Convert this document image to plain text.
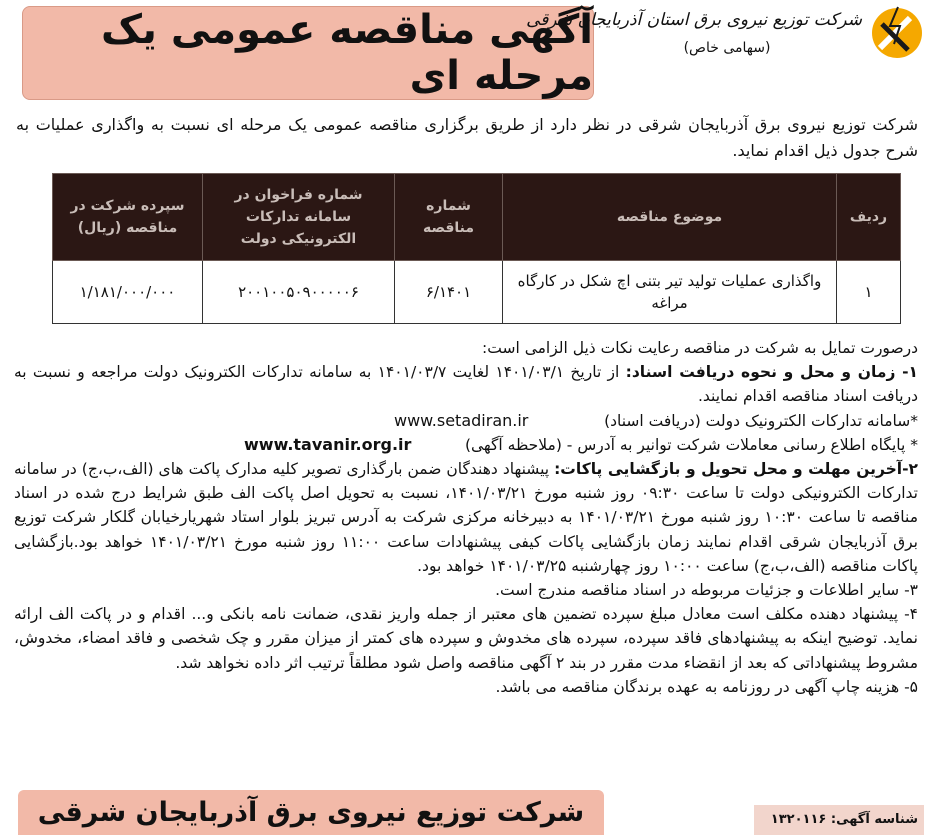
آگهی مناقصه عمومی یک مرحله ای
شرکت توزیع نیروی برق استان آذربایجان شرقی
(سهامی خاص)
شرکت توزیع نیروی برق آذربایجان شرقی در نظر دارد از طریق برگزاری مناقصه عمومی یک مرحله ای نسبت به واگذاری عملیات به شرح جدول ذیل اقدام نماید.
ردیف	موضوع مناقصه	شماره مناقصه	شماره فراخوان در سامانه تدارکات الکترونیکی دولت	سپرده شرکت در مناقصه (ریال)
۱	واگذاری عملیات تولید تیر بتنی اچ شکل در کارگاه مراغه	۶/۱۴۰۱	۲۰۰۱۰۰۵۰۹۰۰۰۰۰۶	۱/۱۸۱/۰۰۰/۰۰۰

درصورت تمایل به شرکت در مناقصه رعایت نکات ذیل الزامی است:

۱- زمان و محل و نحوه دریافت اسناد: از تاریخ ۱۴۰۱/۰۳/۱ لغایت ۱۴۰۱/۰۳/۷ به سامانه تدارکات الکترونیک دولت مراجعه و نسبت به دریافت اسناد مناقصه اقدام نمایند.

*سامانه تدارکات الکترونیک دولت (دریافت اسناد)
www.setadiran.ir
* پایگاه اطلاع رسانی معاملات شرکت توانیر به آدرس - (ملاحظه آگهی)
www.tavanir.org.ir

۲-آخرین مهلت و محل تحویل و بازگشایی پاکات: پیشنهاد دهندگان ضمن بارگذاری تصویر کلیه مدارک پاکت های (الف،ب،ج) در سامانه تدارکات الکترونیکی دولت تا ساعت ۰۹:۳۰ روز شنبه مورخ ۱۴۰۱/۰۳/۲۱، نسبت به تحویل اصل پاکت الف طبق شرایط درج شده در اسناد مناقصه تا ساعت ۱۰:۳۰ روز شنبه مورخ ۱۴۰۱/۰۳/۲۱ به دبیرخانه مرکزی شرکت به آدرس تبریز بلوار استاد شهریارخیابان گلکار شرکت توزیع برق آذربایجان شرقی اقدام نمایند زمان بازگشایی پاکات کیفی پیشنهادات ساعت ۱۱:۰۰ روز شنبه مورخ ۱۴۰۱/۰۳/۲۱ خواهد بود.بازگشایی پاکات مناقصه (الف،ب،ج) ساعت ۱۰:۰۰ روز چهارشنبه ۱۴۰۱/۰۳/۲۵ خواهد بود.

۳- سایر اطلاعات و جزئیات مربوطه در اسناد مناقصه مندرج است.

۴- پیشنهاد دهنده مکلف است معادل مبلغ سپرده تضمین های معتبر از جمله واریز نقدی، ضمانت نامه بانکی و... اقدام و در پاکت الف ارائه نماید. توضیح اینکه به پیشنهادهای فاقد سپرده، سپرده های مخدوش و سپرده های کمتر از میزان مقرر و چک شخصی و فاقد امضاء، مخدوش، مشروط پیشنهاداتی که بعد از انقضاء مدت مقرر در بند ۲ آگهی مناقصه واصل شود مطلقاً ترتیب اثر داده نخواهد شد.

۵- هزینه چاپ آگهی در روزنامه به عهده برندگان مناقصه می باشد.

شرکت توزیع نیروی برق آذربایجان شرقی	شناسه آگهی: ۱۳۲۰۱۱۶
